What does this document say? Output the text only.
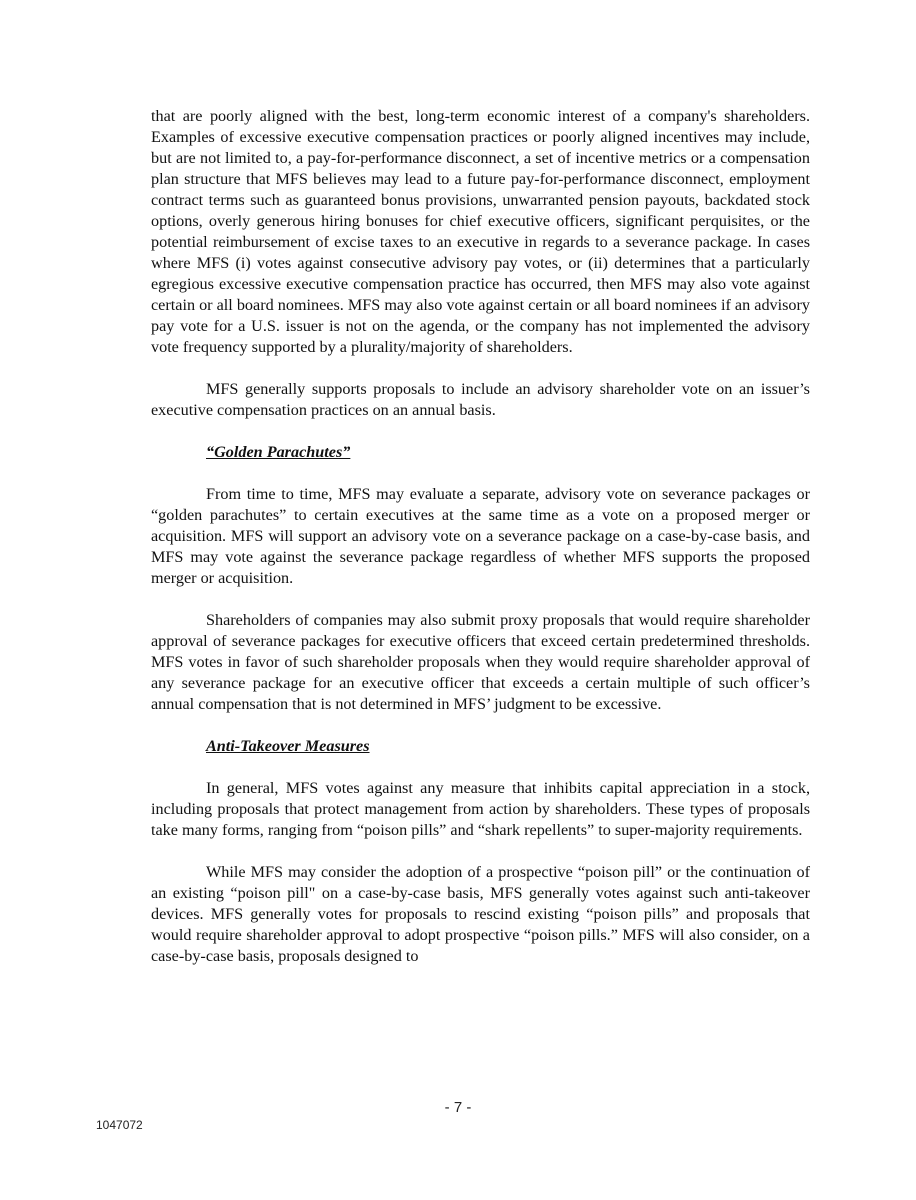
that are poorly aligned with the best, long-term economic interest of a company's shareholders. Examples of excessive executive compensation practices or poorly aligned incentives may include, but are not limited to, a pay-for-performance disconnect, a set of incentive metrics or a compensation plan structure that MFS believes may lead to a future pay-for-performance disconnect, employment contract terms such as guaranteed bonus provisions, unwarranted pension payouts, backdated stock options, overly generous hiring bonuses for chief executive officers, significant perquisites, or the potential reimbursement of excise taxes to an executive in regards to a severance package. In cases where MFS (i) votes against consecutive advisory pay votes, or (ii) determines that a particularly egregious excessive executive compensation practice has occurred, then MFS may also vote against certain or all board nominees. MFS may also vote against certain or all board nominees if an advisory pay vote for a U.S. issuer is not on the agenda, or the company has not implemented the advisory vote frequency supported by a plurality/majority of shareholders.

MFS generally supports proposals to include an advisory shareholder vote on an issuer’s executive compensation practices on an annual basis.

“Golden Parachutes”

From time to time, MFS may evaluate a separate, advisory vote on severance packages or “golden parachutes” to certain executives at the same time as a vote on a proposed merger or acquisition. MFS will support an advisory vote on a severance package on a case-by-case basis, and MFS may vote against the severance package regardless of whether MFS supports the proposed merger or acquisition.

Shareholders of companies may also submit proxy proposals that would require shareholder approval of severance packages for executive officers that exceed certain predetermined thresholds. MFS votes in favor of such shareholder proposals when they would require shareholder approval of any severance package for an executive officer that exceeds a certain multiple of such officer’s annual compensation that is not determined in MFS’ judgment to be excessive.

Anti-Takeover Measures

In general, MFS votes against any measure that inhibits capital appreciation in a stock, including proposals that protect management from action by shareholders. These types of proposals take many forms, ranging from “poison pills” and “shark repellents” to super-majority requirements.

While MFS may consider the adoption of a prospective “poison pill” or the continuation of an existing “poison pill" on a case-by-case basis, MFS generally votes against such anti-takeover devices. MFS generally votes for proposals to rescind existing “poison pills” and proposals that would require shareholder approval to adopt prospective “poison pills.” MFS will also consider, on a case-by-case basis, proposals designed to

- 7 -
1047072
